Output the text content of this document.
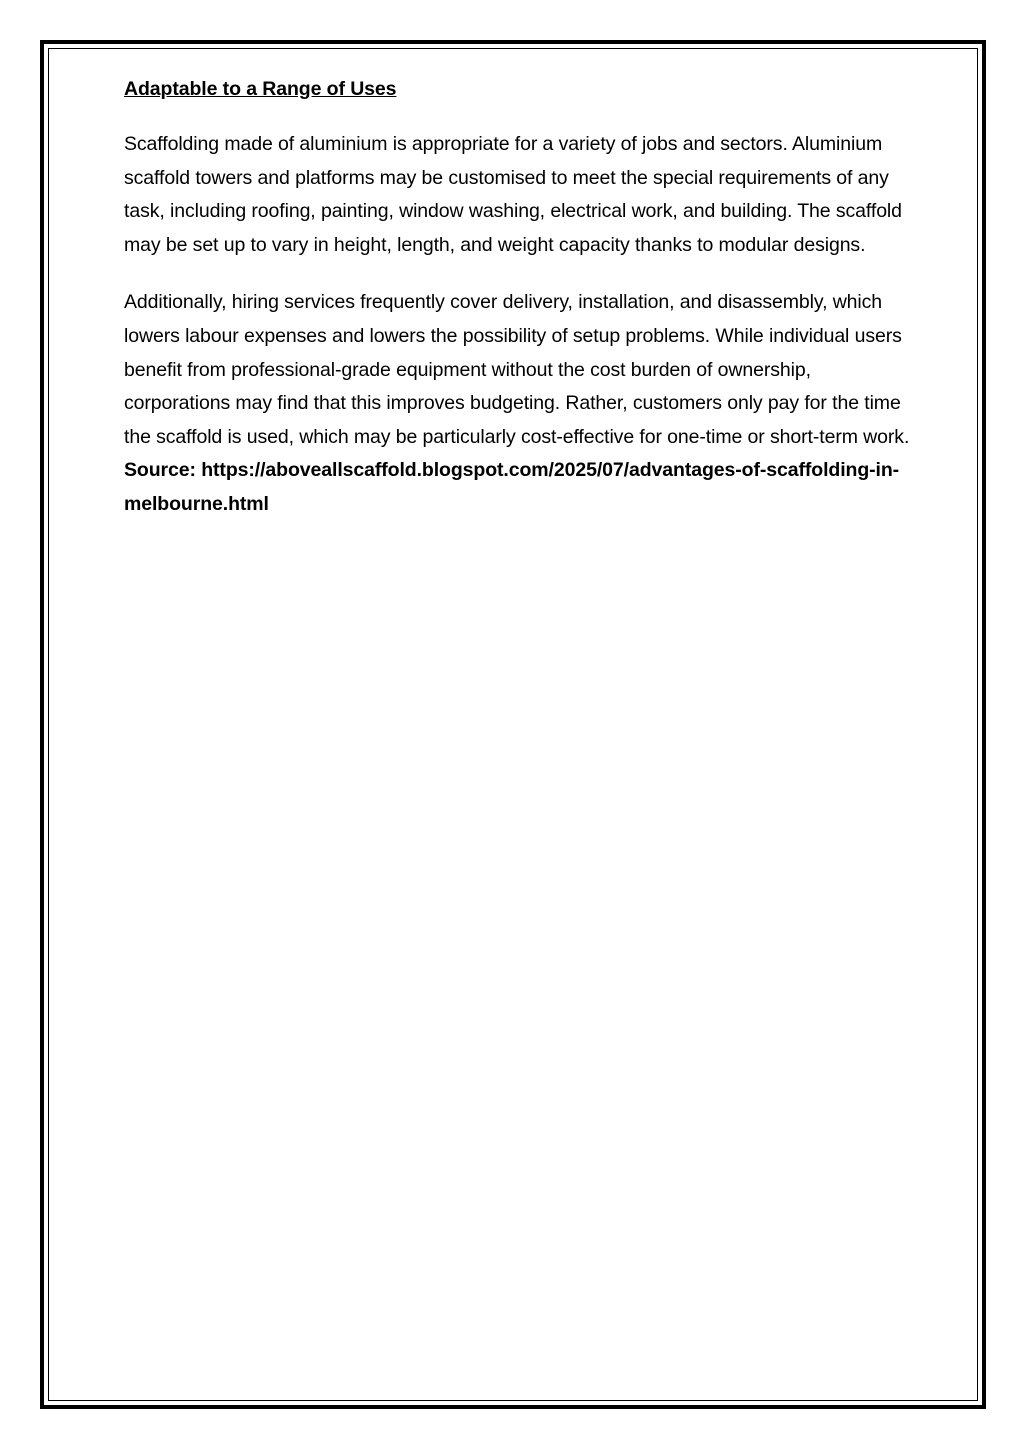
Adaptable to a Range of Uses

Scaffolding made of aluminium is appropriate for a variety of jobs and sectors. Aluminium scaffold towers and platforms may be customised to meet the special requirements of any task, including roofing, painting, window washing, electrical work, and building. The scaffold may be set up to vary in height, length, and weight capacity thanks to modular designs.

Additionally, hiring services frequently cover delivery, installation, and disassembly, which lowers labour expenses and lowers the possibility of setup problems. While individual users benefit from professional-grade equipment without the cost burden of ownership, corporations may find that this improves budgeting. Rather, customers only pay for the time the scaffold is used, which may be particularly cost-effective for one-time or short-term work.

Source: https://aboveallscaffold.blogspot.com/2025/07/advantages-of-scaffolding-in-melbourne.html
